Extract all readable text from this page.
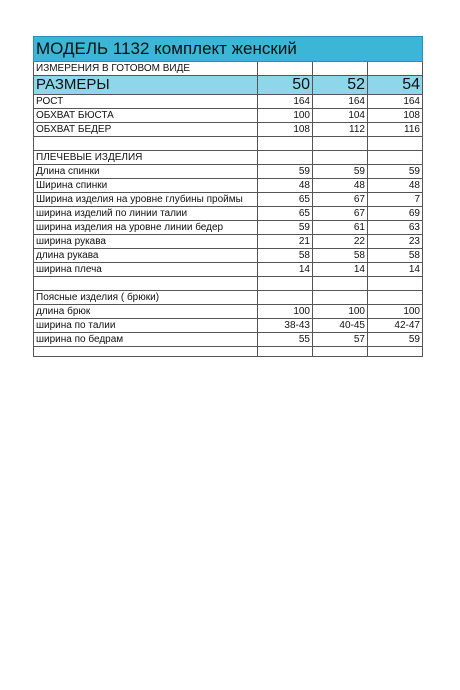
МОДЕЛЬ 1132 комплект женский			
ИЗМЕРЕНИЯ В ГОТОВОМ ВИДЕ			
РАЗМЕРЫ	50	52	54
РОСТ	164	164	164
ОБХВАТ БЮСТА	100	104	108
ОБХВАТ БЕДЕР	108	112	116

ПЛЕЧЕВЫЕ ИЗДЕЛИЯ			
Длина спинки	59	59	59
Ширина спинки	48	48	48
Ширина изделия на уровне глубины проймы	65	67	7
ширина изделий по линии талии	65	67	69
ширина изделия на уровне линии бедер	59	61	63
ширина рукава	21	22	23
длина рукава	58	58	58
ширина плеча	14	14	14

Поясные изделия ( брюки)			
длина брюк	100	100	100
ширина по талии	38-43	40-45	42-47
ширина по бедрам	55	57	59
